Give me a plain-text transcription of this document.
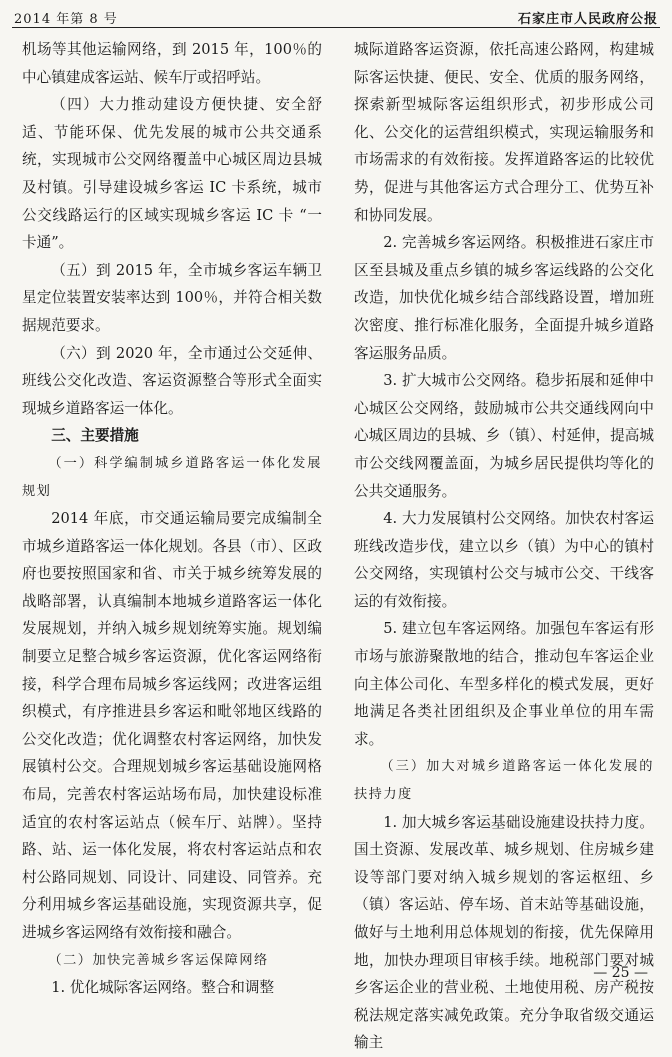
2014 年第 8 号	石家庄市人民政府公报

机场等其他运输网络，到 2015 年，100％的中心镇建成客运站、候车厅或招呼站。

（四）大力推动建设方便快捷、安全舒适、节能环保、优先发展的城市公共交通系统，实现城市公交网络覆盖中心城区周边县城及村镇。引导建设城乡客运 IC 卡系统，城市公交线路运行的区域实现城乡客运 IC 卡 “一卡通”。

（五）到 2015 年，全市城乡客运车辆卫星定位装置安装率达到 100％，并符合相关数据规范要求。

（六）到 2020 年，全市通过公交延伸、班线公交化改造、客运资源整合等形式全面实现城乡道路客运一体化。

三、主要措施

（一）科学编制城乡道路客运一体化发展规划

2014 年底，市交通运输局要完成编制全市城乡道路客运一体化规划。各县（市）、区政府也要按照国家和省、市关于城乡统筹发展的战略部署，认真编制本地城乡道路客运一体化发展规划，并纳入城乡规划统筹实施。规划编制要立足整合城乡客运资源，优化客运网络衔接，科学合理布局城乡客运线网；改进客运组织模式，有序推进县乡客运和毗邻地区线路的公交化改造；优化调整农村客运网络，加快发展镇村公交。合理规划城乡客运基础设施网格布局，完善农村客运站场布局，加快建设标准适宜的农村客运站点（候车厅、站牌）。坚持路、站、运一体化发展，将农村客运站点和农村公路同规划、同设计、同建设、同管养。充分利用城乡客运基础设施，实现资源共享，促进城乡客运网络有效衔接和融合。

（二）加快完善城乡客运保障网络

1. 优化城际客运网络。整合和调整

城际道路客运资源，依托高速公路网，构建城际客运快捷、便民、安全、优质的服务网络，探索新型城际客运组织形式，初步形成公司化、公交化的运营组织模式，实现运输服务和市场需求的有效衔接。发挥道路客运的比较优势，促进与其他客运方式合理分工、优势互补和协同发展。

2. 完善城乡客运网络。积极推进石家庄市区至县城及重点乡镇的城乡客运线路的公交化改造，加快优化城乡结合部线路设置，增加班次密度、推行标准化服务，全面提升城乡道路客运服务品质。

3. 扩大城市公交网络。稳步拓展和延伸中心城区公交网络，鼓励城市公共交通线网向中心城区周边的县城、乡（镇）、村延伸，提高城市公交线网覆盖面，为城乡居民提供均等化的公共交通服务。

4. 大力发展镇村公交网络。加快农村客运班线改造步伐，建立以乡（镇）为中心的镇村公交网络，实现镇村公交与城市公交、干线客运的有效衔接。

5. 建立包车客运网络。加强包车客运有形市场与旅游聚散地的结合，推动包车客运企业向主体公司化、车型多样化的模式发展，更好地满足各类社团组织及企事业单位的用车需求。

（三）加大对城乡道路客运一体化发展的扶持力度

1. 加大城乡客运基础设施建设扶持力度。国土资源、发展改革、城乡规划、住房城乡建设等部门要对纳入城乡规划的客运枢纽、乡（镇）客运站、停车场、首末站等基础设施，做好与土地利用总体规划的衔接，优先保障用地，加快办理项目审核手续。地税部门要对城乡客运企业的营业税、土地使用税、房产税按税法规定落实减免政策。充分争取省级交通运输主

— 25 —
